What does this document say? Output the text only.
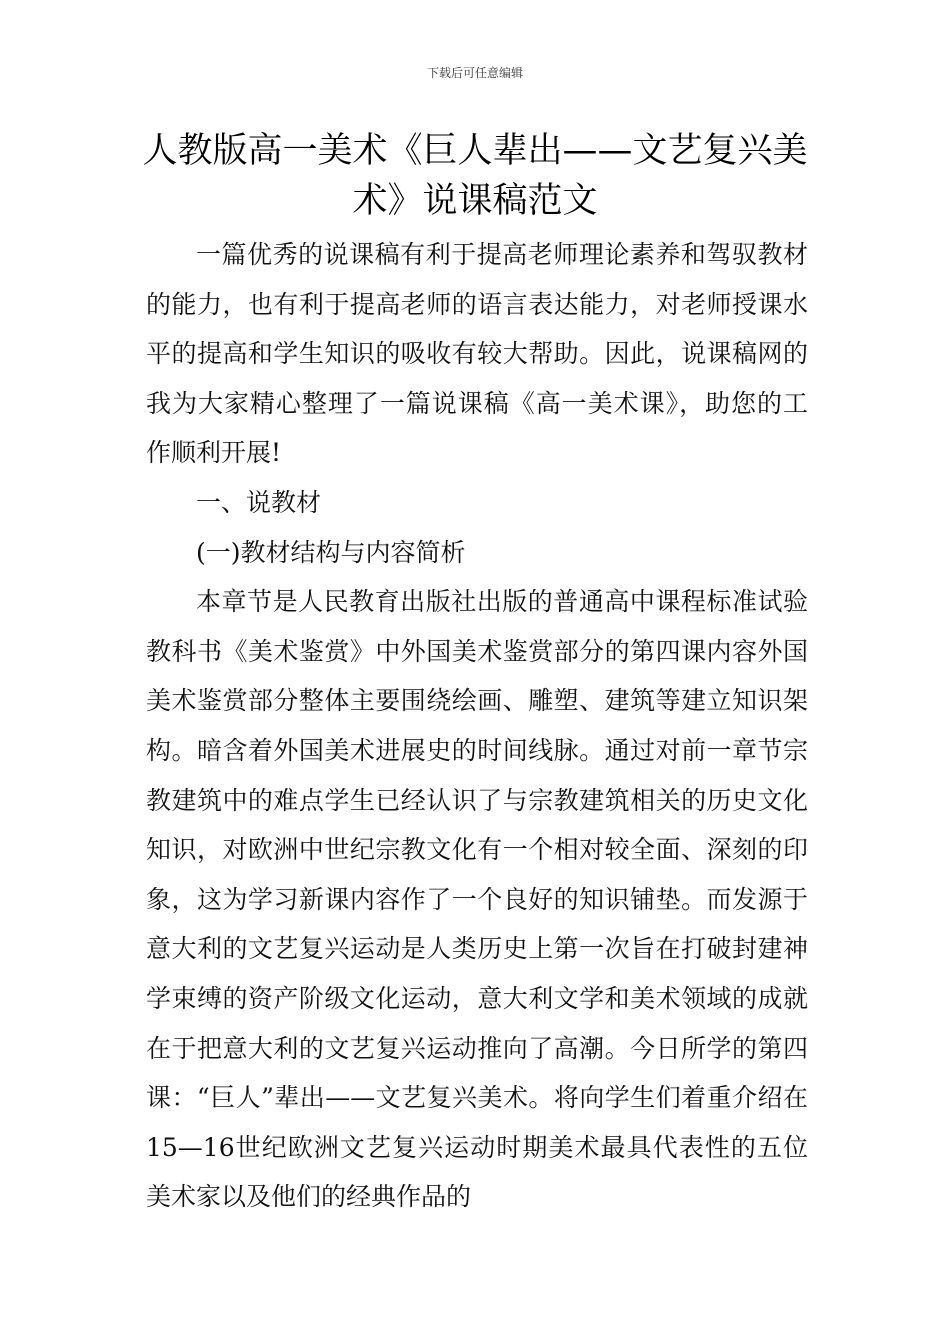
下载后可任意编辑
人教版高一美术《巨人辈出——文艺复兴美术》说课稿范文

一篇优秀的说课稿有利于提高老师理论素养和驾驭教材的能力，也有利于提高老师的语言表达能力，对老师授课水平的提高和学生知识的吸收有较大帮助。因此，说课稿网的我为大家精心整理了一篇说课稿《高一美术课》，助您的工作顺利开展!

一、说教材

(一)教材结构与内容简析

本章节是人民教育出版社出版的普通高中课程标准试验教科书《美术鉴赏》中外国美术鉴赏部分的第四课内容外国美术鉴赏部分整体主要围绕绘画、雕塑、建筑等建立知识架构。暗含着外国美术进展史的时间线脉。通过对前一章节宗教建筑中的难点学生已经认识了与宗教建筑相关的历史文化知识，对欧洲中世纪宗教文化有一个相对较全面、深刻的印象，这为学习新课内容作了一个良好的知识铺垫。而发源于意大利的文艺复兴运动是人类历史上第一次旨在打破封建神学束缚的资产阶级文化运动，意大利文学和美术领域的成就在于把意大利的文艺复兴运动推向了高潮。今日所学的第四课：“巨人”辈出——文艺复兴美术。将向学生们着重介绍在15—16世纪欧洲文艺复兴运动时期美术最具代表性的五位美术家以及他们的经典作品的
